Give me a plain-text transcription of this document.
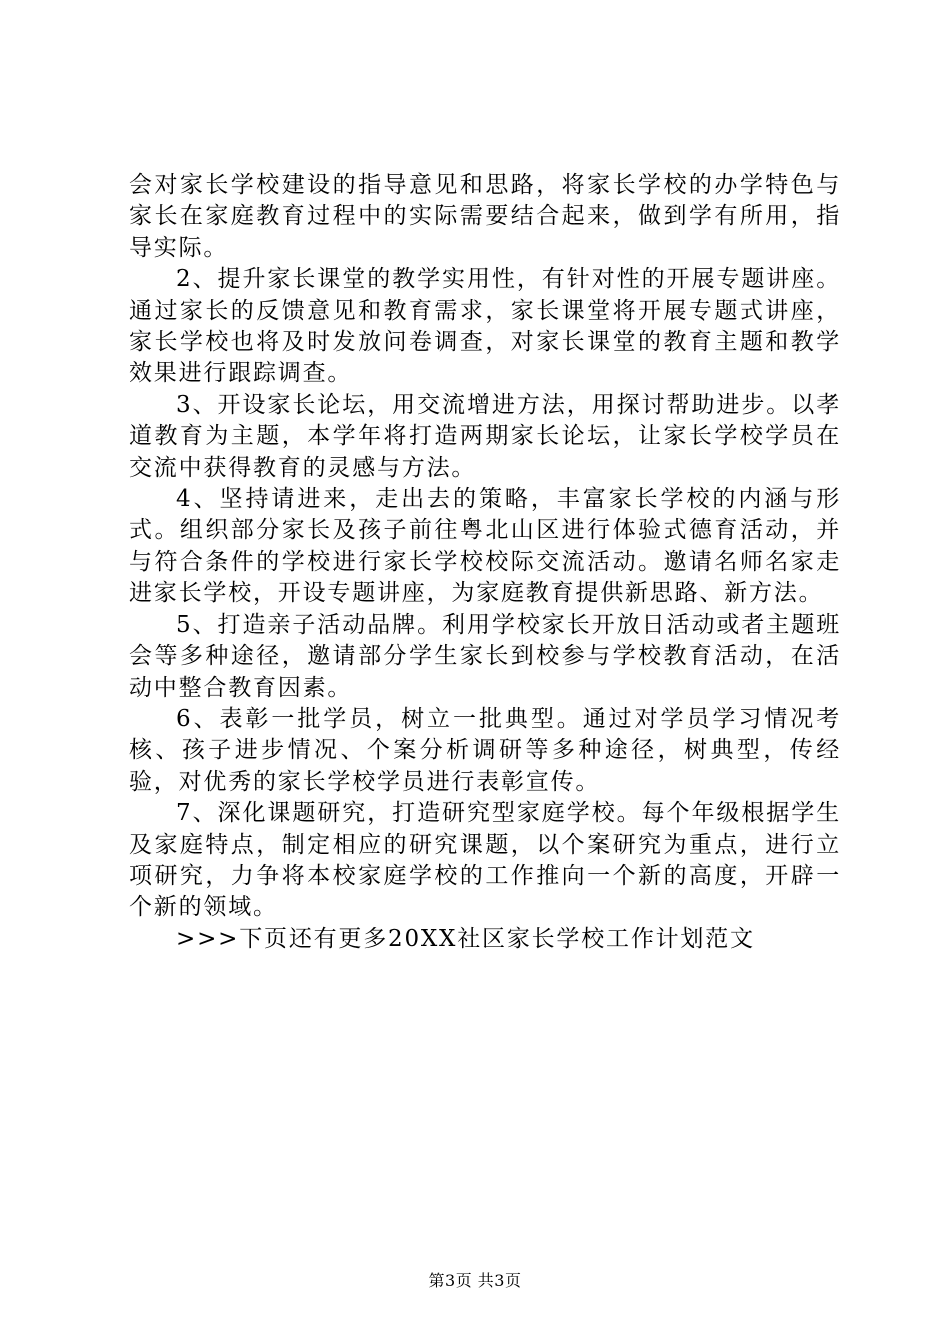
会对家长学校建设的指导意见和思路，将家长学校的办学特色与家长在家庭教育过程中的实际需要结合起来，做到学有所用，指导实际。

2、提升家长课堂的教学实用性，有针对性的开展专题讲座。通过家长的反馈意见和教育需求，家长课堂将开展专题式讲座，家长学校也将及时发放问卷调查，对家长课堂的教育主题和教学效果进行跟踪调查。

3、开设家长论坛，用交流增进方法，用探讨帮助进步。以孝道教育为主题，本学年将打造两期家长论坛，让家长学校学员在交流中获得教育的灵感与方法。

4、坚持请进来，走出去的策略，丰富家长学校的内涵与形式。组织部分家长及孩子前往粤北山区进行体验式德育活动，并与符合条件的学校进行家长学校校际交流活动。邀请名师名家走进家长学校，开设专题讲座，为家庭教育提供新思路、新方法。

5、打造亲子活动品牌。利用学校家长开放日活动或者主题班会等多种途径，邀请部分学生家长到校参与学校教育活动，在活动中整合教育因素。

6、表彰一批学员，树立一批典型。通过对学员学习情况考核、孩子进步情况、个案分析调研等多种途径，树典型，传经验，对优秀的家长学校学员进行表彰宣传。

7、深化课题研究，打造研究型家庭学校。每个年级根据学生及家庭特点，制定相应的研究课题，以个案研究为重点，进行立项研究，力争将本校家庭学校的工作推向一个新的高度，开辟一个新的领域。

>>>下页还有更多20XX社区家长学校工作计划范文

第3页 共3页
